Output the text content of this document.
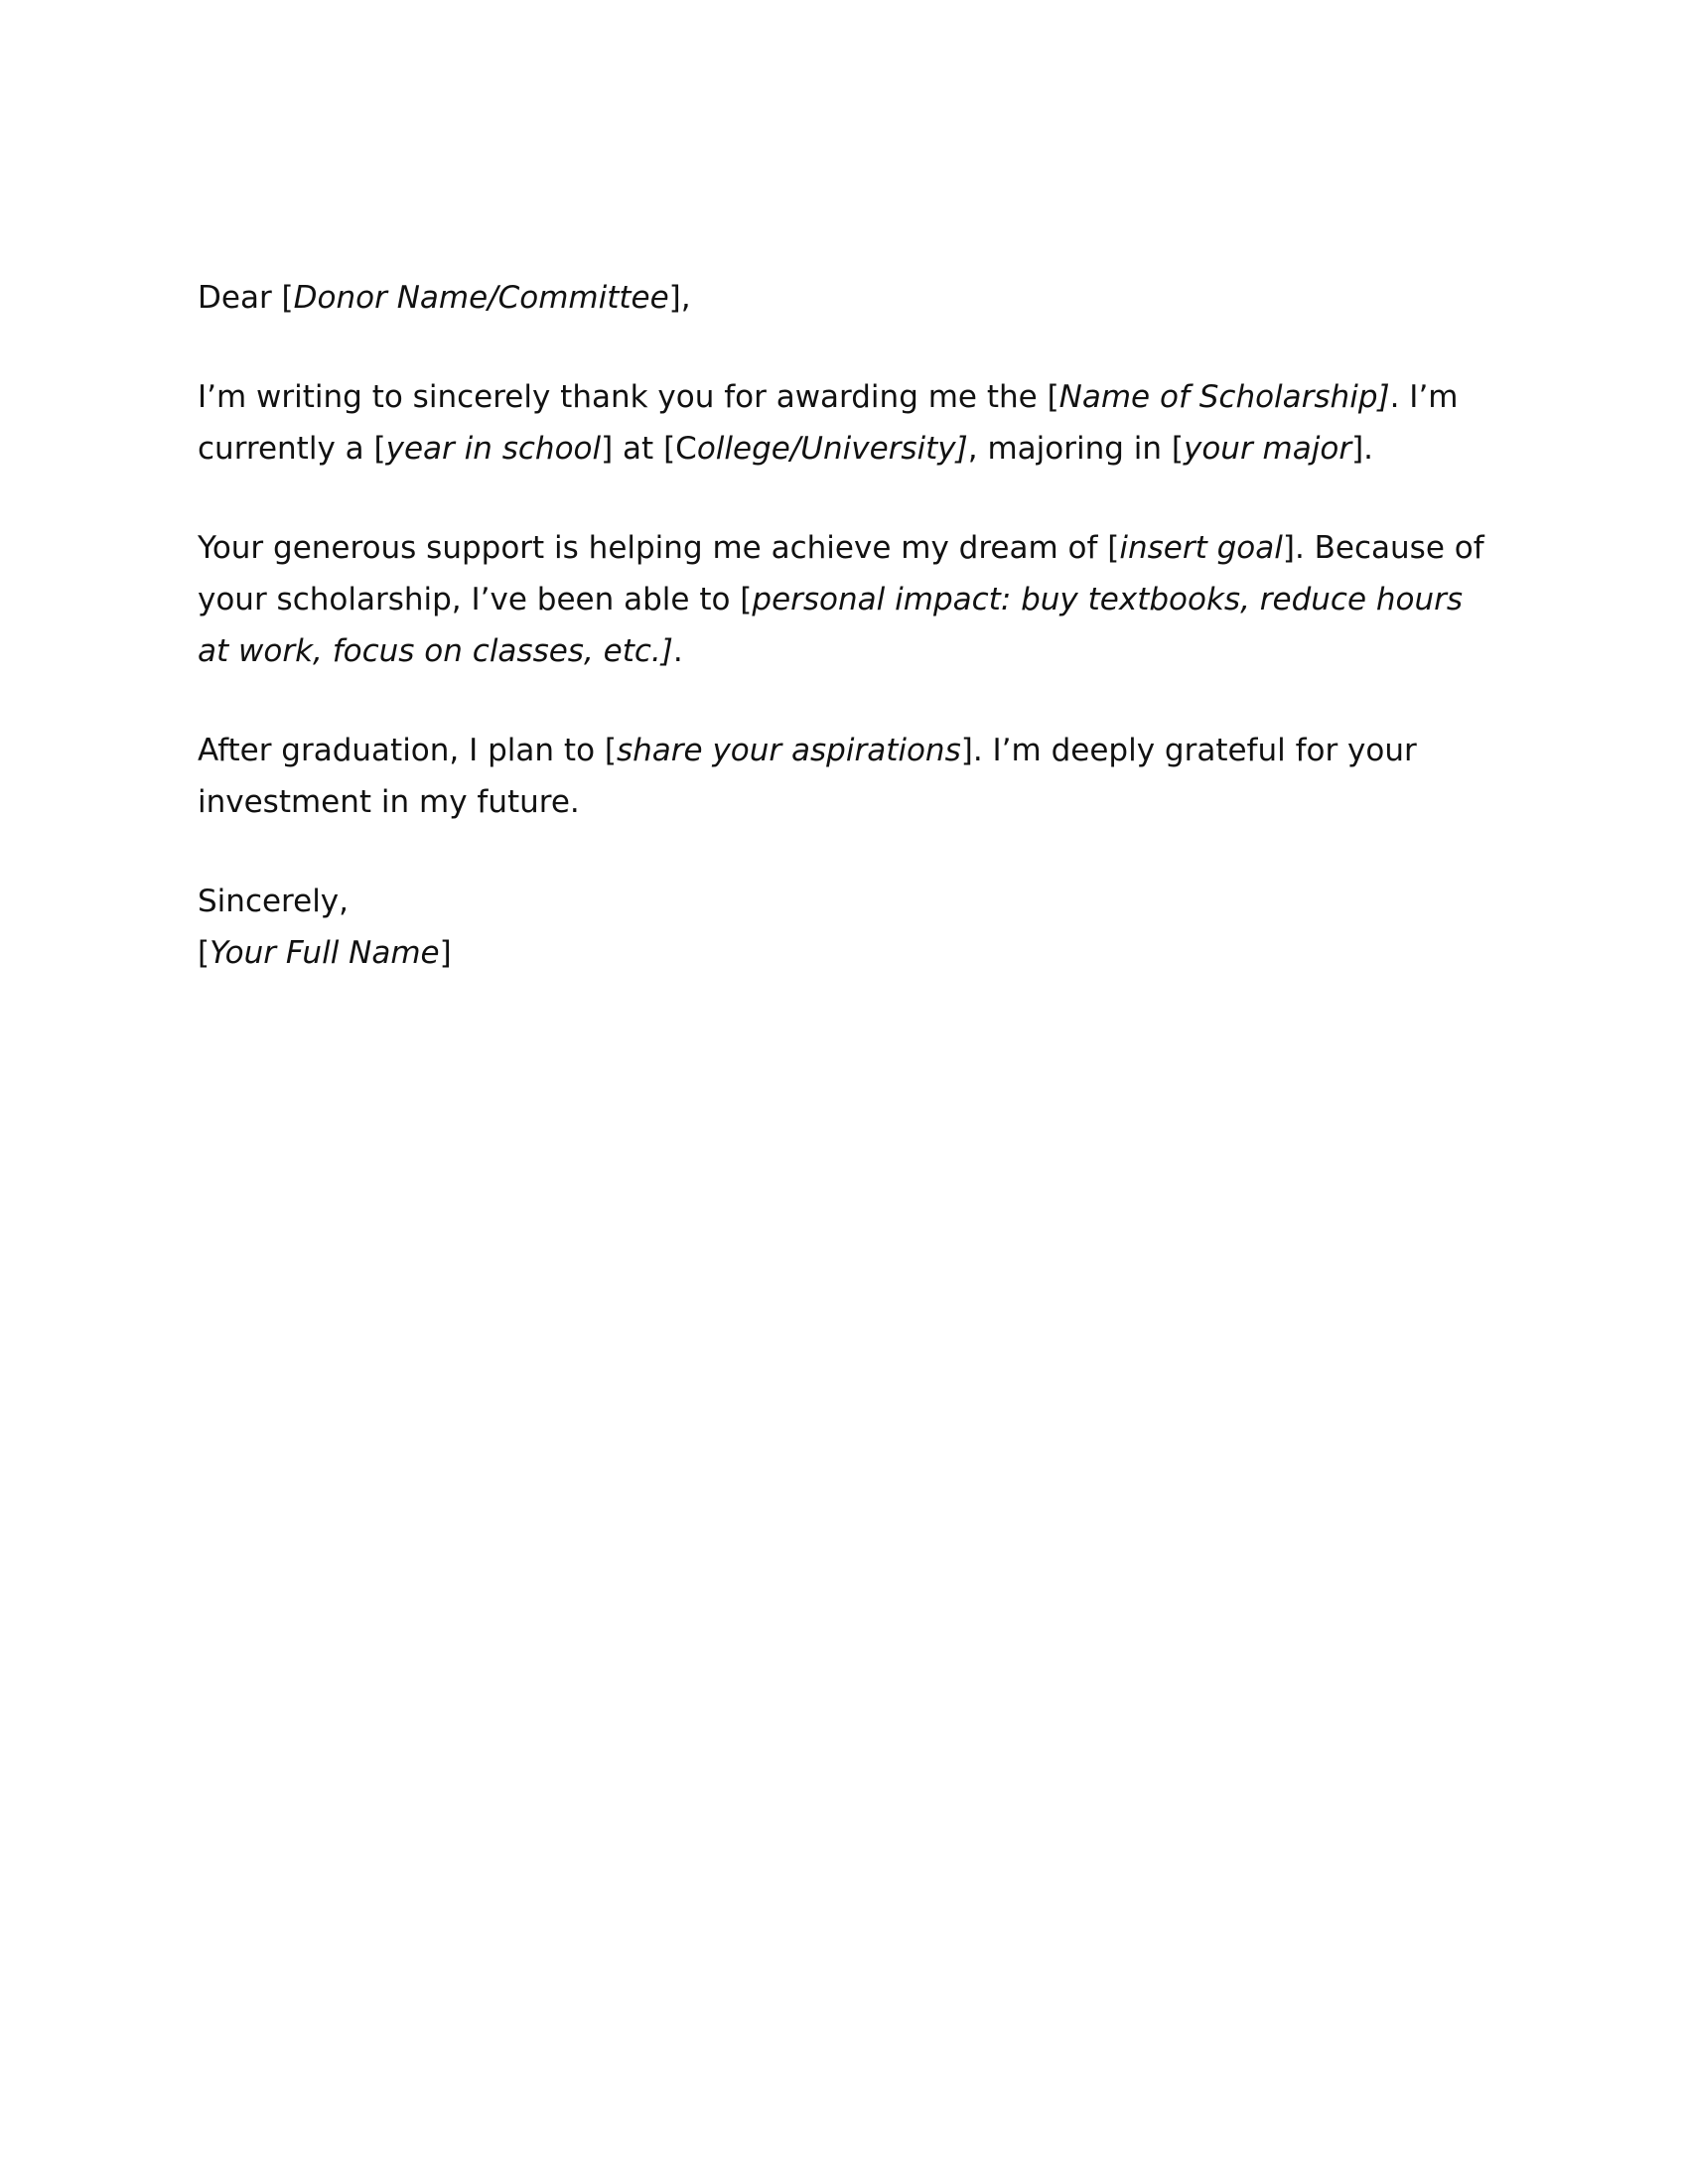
Dear [Donor Name/Committee],

I’m writing to sincerely thank you for awarding me the [Name of Scholarship]. I’m currently a [year in school] at [College/University], majoring in [your major].

Your generous support is helping me achieve my dream of [insert goal]. Because of your scholarship, I’ve been able to [personal impact: buy textbooks, reduce hours at work, focus on classes, etc.].

After graduation, I plan to [share your aspirations]. I’m deeply grateful for your investment in my future.

Sincerely,

[Your Full Name]
